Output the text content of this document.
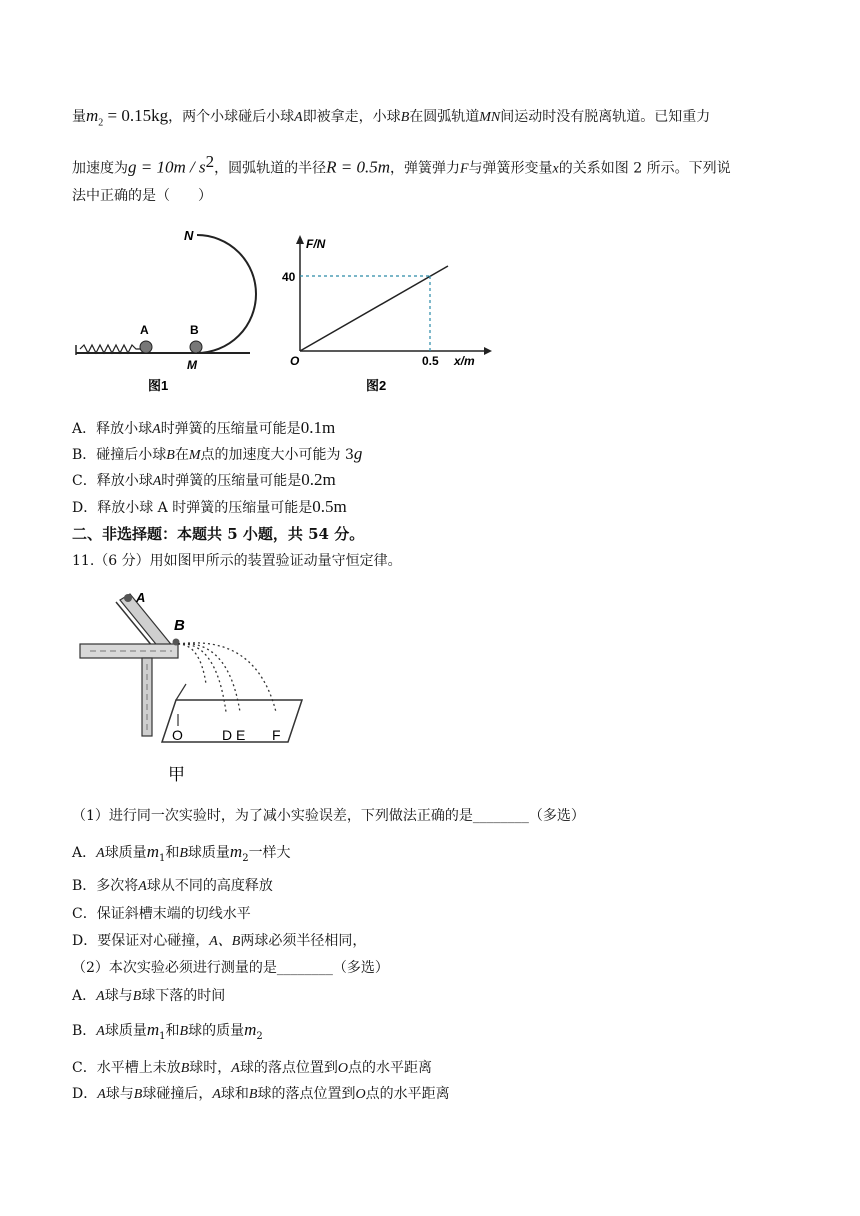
量$m_2 = 0.15kg$，两个小球碰后小球A即被拿走，小球B在圆弧轨道MN间运动时没有脱离轨道。已知重力
加速度为$g = 10m / s^2$，圆弧轨道的半径R = 0.5m，弹簧弹力F与弹簧形变量x的关系如图 2 所示。下列说
法中正确的是（　　）
N
A	B
M
图1
F/N
40
O	0.5 x/m
图2
A．释放小球A时弹簧的压缩量可能是0.1m
B．碰撞后小球B在M点的加速度大小可能为 3g
C．释放小球A时弹簧的压缩量可能是0.2m
D．释放小球 A 时弹簧的压缩量可能是0.5m
二、非选择题：本题共 5 小题，共 54 分。
11.（6 分）用如图甲所示的装置验证动量守恒定律。
A
B
O	D E F
甲
（1）进行同一次实验时，为了减小实验误差，下列做法正确的是________（多选）
A．A球质量$m_1$和B球质量$m_2$一样大
B．多次将A球从不同的高度释放
C．保证斜槽末端的切线水平
D．要保证对心碰撞，A、B两球必须半径相同，
（2）本次实验必须进行测量的是________（多选）
A．A球与B球下落的时间
B．A球质量$m_1$和B球的质量$m_2$
C．水平槽上未放B球时，A球的落点位置到O点的水平距离
D．A球与B球碰撞后，A球和B球的落点位置到O点的水平距离
